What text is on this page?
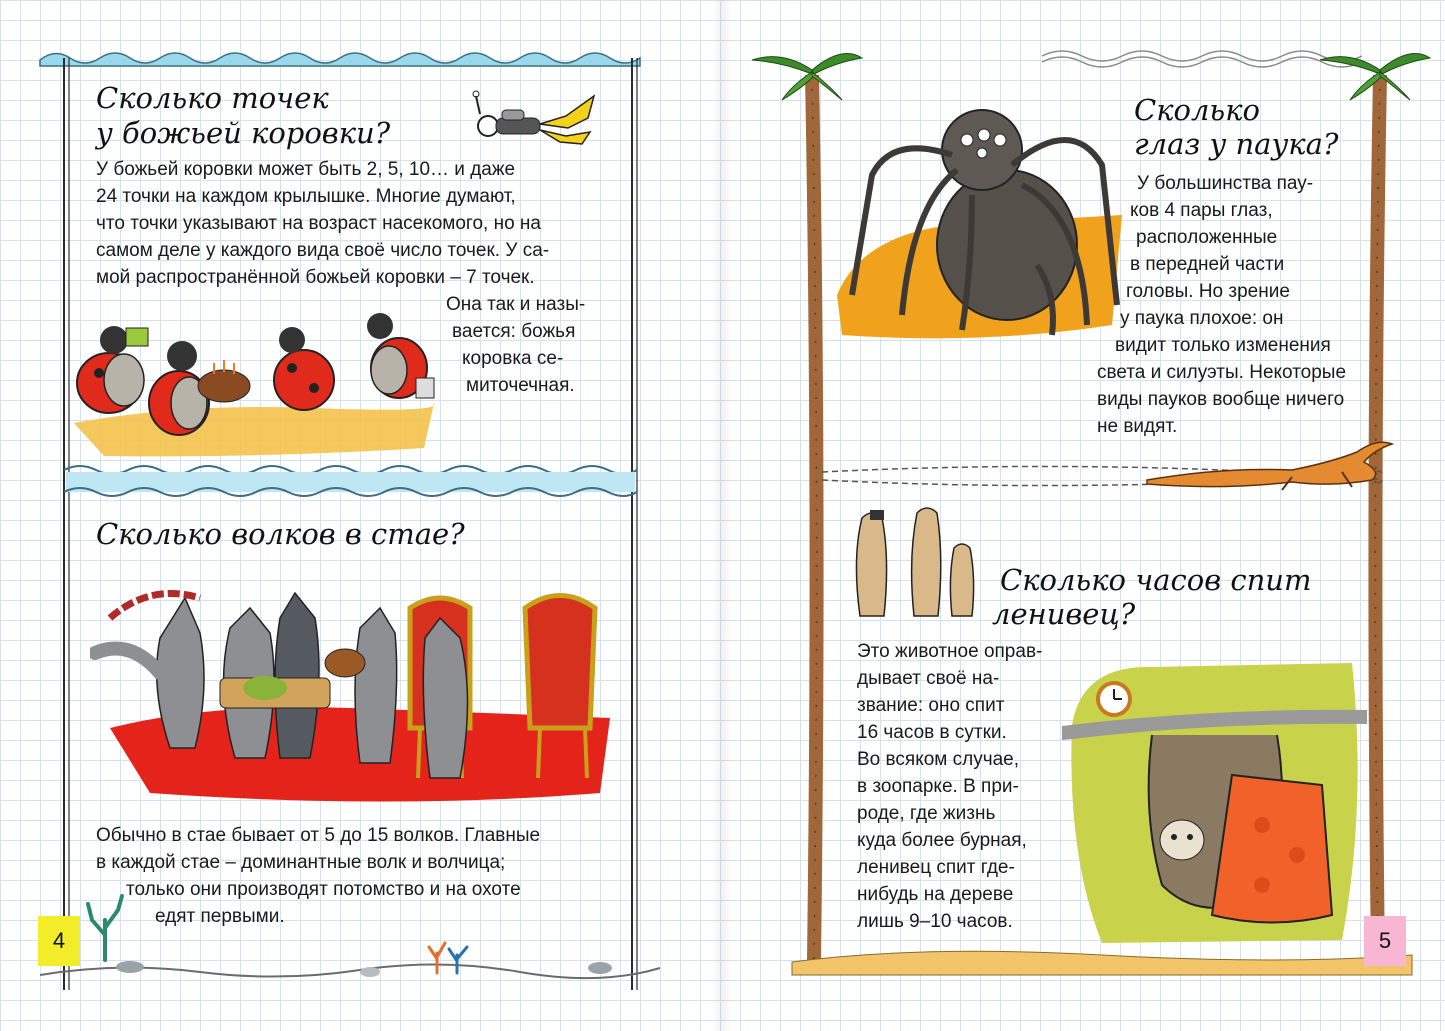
Сколько точек
у божьей коровки?
У божьей коровки может быть 2, 5, 10… и даже
24 точки на каждом крылышке. Многие думают,
что точки указывают на возраст насекомого, но на
самом деле у каждого вида своё число точек. У са-
мой распространённой божьей коровки – 7 точек.
Она так и назы-
вается: божья
коровка се-
миточечная.
Сколько волков в стае?
Обычно в стае бывает от 5 до 15 волков. Главные
в каждой стае – доминантные волк и волчица;
только они производят потомство и на охоте
едят первыми.
4
Сколько
глаз у паука?
У большинства пау-
ков 4 пары глаз,
расположенные
в передней части
головы. Но зрение
у паука плохое: он
видит только изменения
света и силуэты. Некоторые
виды пауков вообще ничего
не видят.
Сколько часов спит
ленивец?
Это животное оправ-
дывает своё на-
звание: оно спит
16 часов в сутки.
Во всяком случае,
в зоопарке. В при-
роде, где жизнь
куда более бурная,
ленивец спит где-
нибудь на дереве
лишь 9–10 часов.
5
